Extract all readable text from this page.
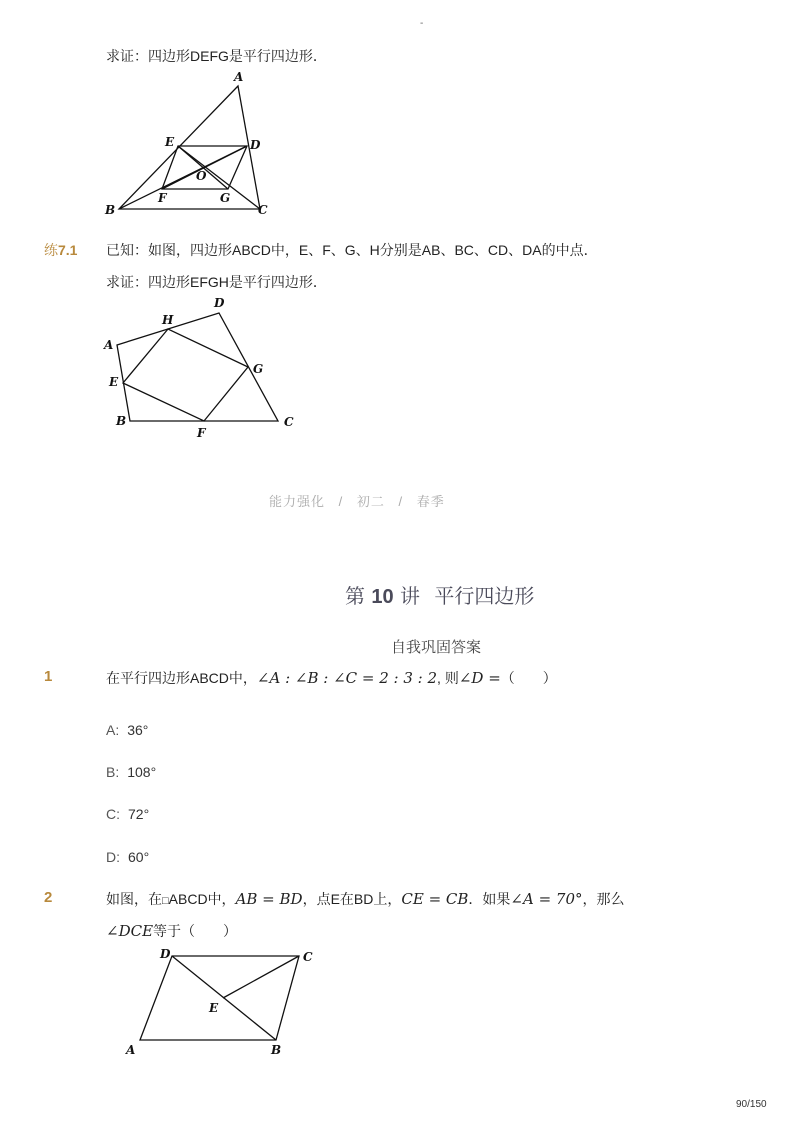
-
求证：四边形DEFG是平行四边形．
A
E	D
O
F	G
B	C
练7.1 已知：如图，四边形ABCD中，E、F、G、H分别是AB、BC、CD、DA的中点．
求证：四边形EFGH是平行四边形．
A
H
D
E
G
B
F
C
能力强化 / 初二 / 春季
第 10 讲 平行四边形
自我巩固答案
1	在平行四边形ABCD中，∠A : ∠B : ∠C = 2 : 3 : 2, 则∠D =（　　）
A: 36°
B: 108°
C: 72°
D: 60°
2	如图，在□ABCD中，AB = BD，点E在BD上，CE = CB．如果∠A = 70°，那么
∠DCE等于（　　）
D	C
E
A	B
90/150
